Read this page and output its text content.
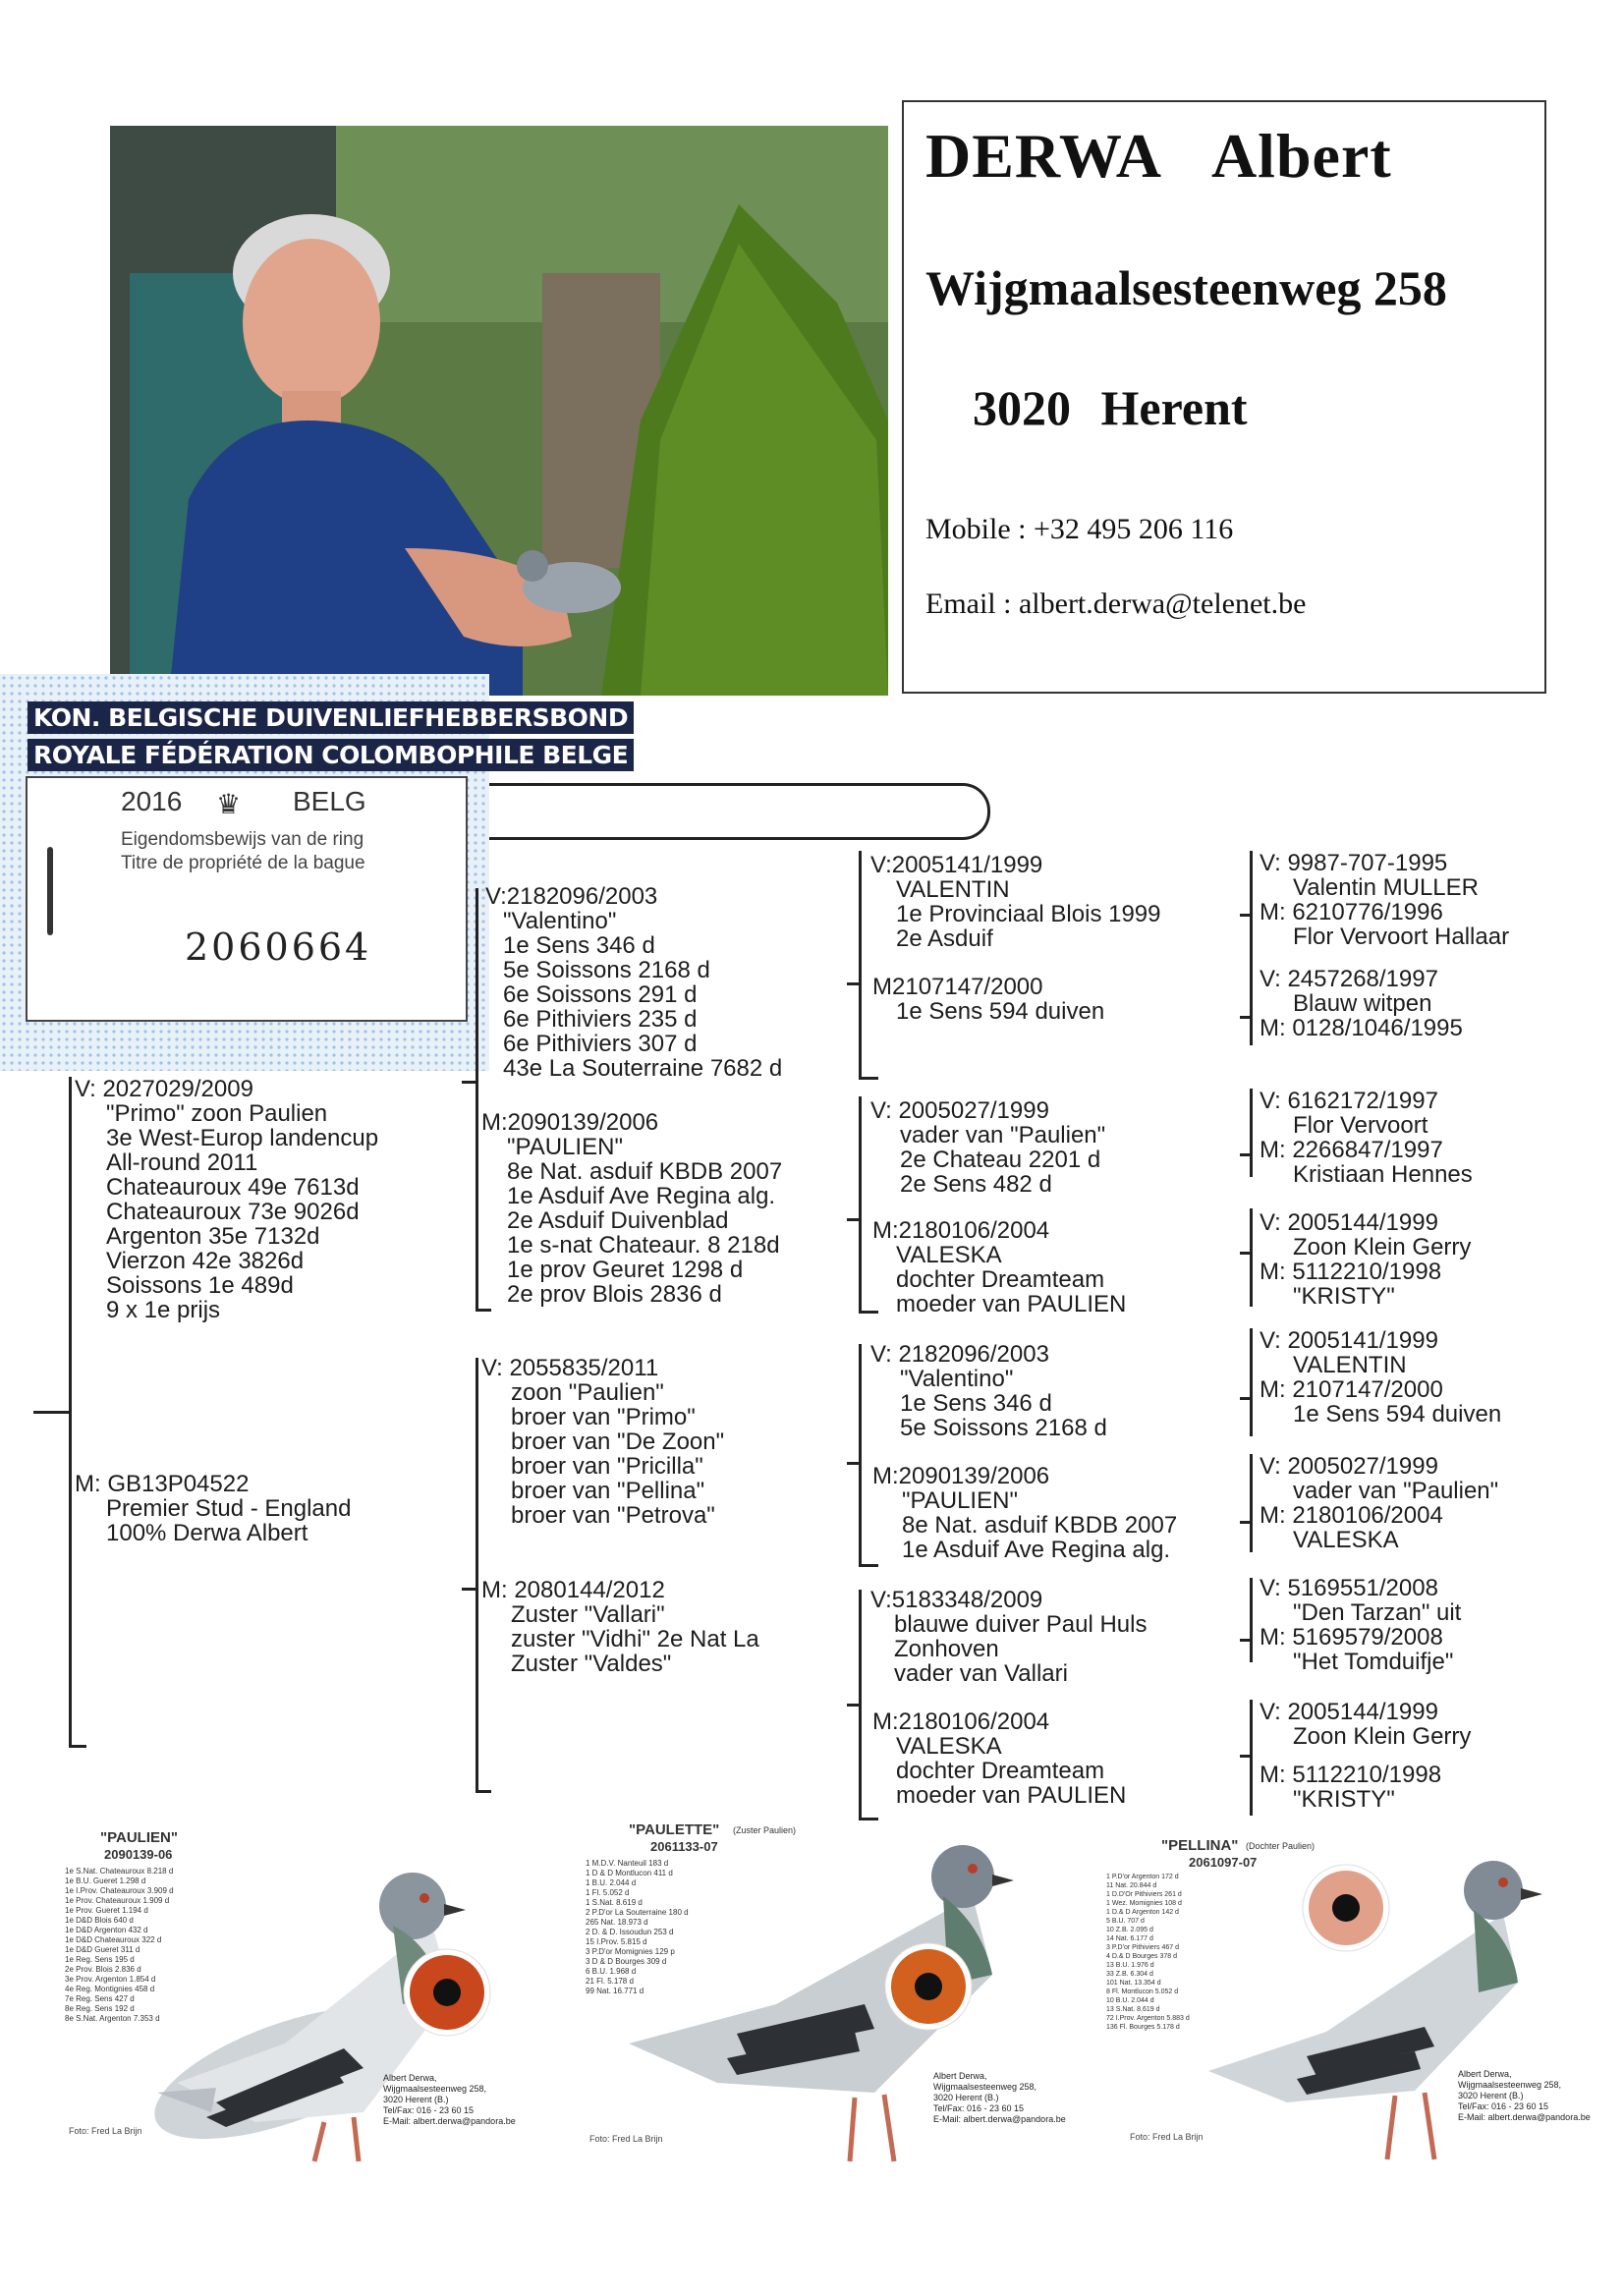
DERWA Albert
Wijgmaalsesteenweg 258
3020 Herent
Mobile : +32 495 206 116
Email : albert.derwa@telenet.be
KON. BELGISCHE DUIVENLIEFHEBBERSBOND
ROYALE FÉDÉRATION COLOMBOPHILE BELGE
2016 ♛ BELG
Eigendomsbewijs van de ring
Titre de propriété de la bague
2060664
V: 2027029/2009
"Primo" zoon Paulien
3e West-Europ landencup
All-round 2011
Chateauroux 49e 7613d
Chateauroux 73e 9026d
Argenton 35e 7132d
Vierzon 42e 3826d
Soissons 1e 489d
9 x 1e prijs
M: GB13P04522
Premier Stud - England
100% Derwa Albert
V:2182096/2003
"Valentino"
1e Sens 346 d
5e Soissons 2168 d
6e Soissons 291 d
6e Pithiviers 235 d
6e Pithiviers 307 d
43e La Souterraine 7682 d
M:2090139/2006
"PAULIEN"
8e Nat. asduif KBDB 2007
1e Asduif Ave Regina alg.
2e Asduif Duivenblad
1e s-nat Chateaur. 8 218d
1e prov Geuret 1298 d
2e prov Blois 2836 d
V: 2055835/2011
zoon "Paulien"
broer van "Primo"
broer van "De Zoon"
broer van "Pricilla"
broer van "Pellina"
broer van "Petrova"
M: 2080144/2012
Zuster "Vallari"
zuster "Vidhi" 2e Nat La
Zuster "Valdes"
V:2005141/1999
VALENTIN
1e Provinciaal Blois 1999
2e Asduif
M2107147/2000
1e Sens 594 duiven
V: 2005027/1999
vader van "Paulien"
2e Chateau 2201 d
2e Sens 482 d
M:2180106/2004
VALESKA
dochter Dreamteam
moeder van PAULIEN
V: 2182096/2003
"Valentino"
1e Sens 346 d
5e Soissons 2168 d
M:2090139/2006
"PAULIEN"
8e Nat. asduif KBDB 2007
1e Asduif Ave Regina alg.
V:5183348/2009
blauwe duiver Paul Huls
Zonhoven
vader van Vallari
M:2180106/2004
VALESKA
dochter Dreamteam
moeder van PAULIEN
V: 9987-707-1995
Valentin MULLER
M: 6210776/1996
Flor Vervoort Hallaar
V: 2457268/1997
Blauw witpen
M: 0128/1046/1995
V: 6162172/1997
Flor Vervoort
M: 2266847/1997
Kristiaan Hennes
V: 2005144/1999
Zoon Klein Gerry
M: 5112210/1998
"KRISTY"
V: 2005141/1999
VALENTIN
M: 2107147/2000
1e Sens 594 duiven
V: 2005027/1999
vader van "Paulien"
M: 2180106/2004
VALESKA
V: 5169551/2008
"Den Tarzan" uit
M: 5169579/2008
"Het Tomduifje"
V: 2005144/1999
Zoon Klein Gerry
M: 5112210/1998
"KRISTY"
"PAULIEN"
2090139-06
1e S.Nat. Chateauroux 8.218 d
1e B.U. Gueret 1.298 d
1e I.Prov. Chateauroux 3.909 d
1e Prov. Chateauroux 1.909 d
1e Prov. Gueret 1.194 d
1e D&D Blois 640 d
1e D&D Argenton 432 d
1e D&D Chateauroux 322 d
1e D&D Gueret 311 d
1e Reg. Sens 195 d
2e Prov. Blois 2.836 d
3e Prov. Argenton 1.854 d
4e Reg. Montignies 458 d
7e Reg. Sens 427 d
8e Reg. Sens 192 d
8e S.Nat. Argenton 7.353 d
Albert Derwa,
Wijgmaalsesteenweg 258,
3020 Herent (B.)
Tel/Fax: 016 - 23 60 15
E-Mail: albert.derwa@pandora.be
Foto: Fred La Brijn
"PAULETTE" (Zuster Paulien)
2061133-07
1 M.D.V. Nanteuil 183 d
1 D & D Montlucon 411 d
1 B.U. 2.044 d
1 Fl. 5.052 d
1 S.Nat. 8.619 d
2 P.D'or La Souterraine 180 d
265 Nat. 18.973 d
2 D. & D. Issoudun 253 d
15 I.Prov. 5.815 d
3 P.D'or Momignies 129 p
3 D & D Bourges 309 d
6 B.U. 1.968 d
21 Fl. 5.178 d
99 Nat. 16.771 d
Albert Derwa,
Wijgmaalsesteenweg 258,
3020 Herent (B.)
Tel/Fax: 016 - 23 60 15
E-Mail: albert.derwa@pandora.be
Foto: Fred La Brijn
"PELLINA" (Dochter Paulien)
2061097-07
1 P.D'or Argenton 172 d
11 Nat. 20.844 d
1 D.D'Or Pithiviers 261 d
1 Wez. Momignies 108 d
1 D.& D Argenton 142 d
5 B.U. 707 d
10 Z.B. 2.095 d
14 Nat. 6.177 d
3 P.D'or Pithiviers 467 d
4 D.& D Bourges 378 d
13 B.U. 1.976 d
33 Z.B. 6.304 d
101 Nat. 13.354 d
8 Fl. Montlucon 5.052 d
10 B.U. 2.044 d
13 S.Nat. 8.619 d
72 I.Prov. Argenton 5.883 d
136 Fl. Bourges 5.178 d
Albert Derwa,
Wijgmaalsesteenweg 258,
3020 Herent (B.)
Tel/Fax: 016 - 23 60 15
E-Mail: albert.derwa@pandora.be
Foto: Fred La Brijn
